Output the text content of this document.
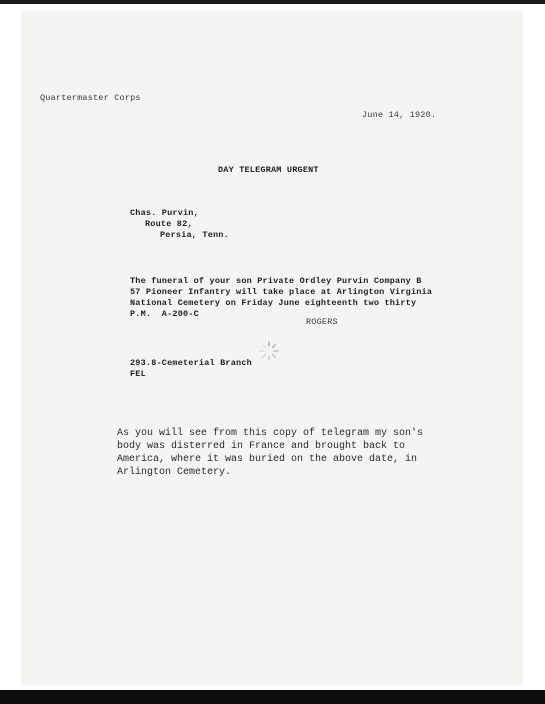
Quartermaster Corps
June 14, 1920.
DAY TELEGRAM URGENT
Chas. Purvin,
Route 82,
Persia, Tenn.
The funeral of your son Private Ordley Purvin Company B
57 Pioneer Infantry will take place at Arlington Virginia
National Cemetery on Friday June eighteenth two thirty
P.M.  A-200-C
ROGERS
293.8-Cemeterial Branch
FEL
As you will see from this copy of telegram my son's
body was disterred in France and brought back to
America, where it was buried on the above date, in
Arlington Cemetery.
